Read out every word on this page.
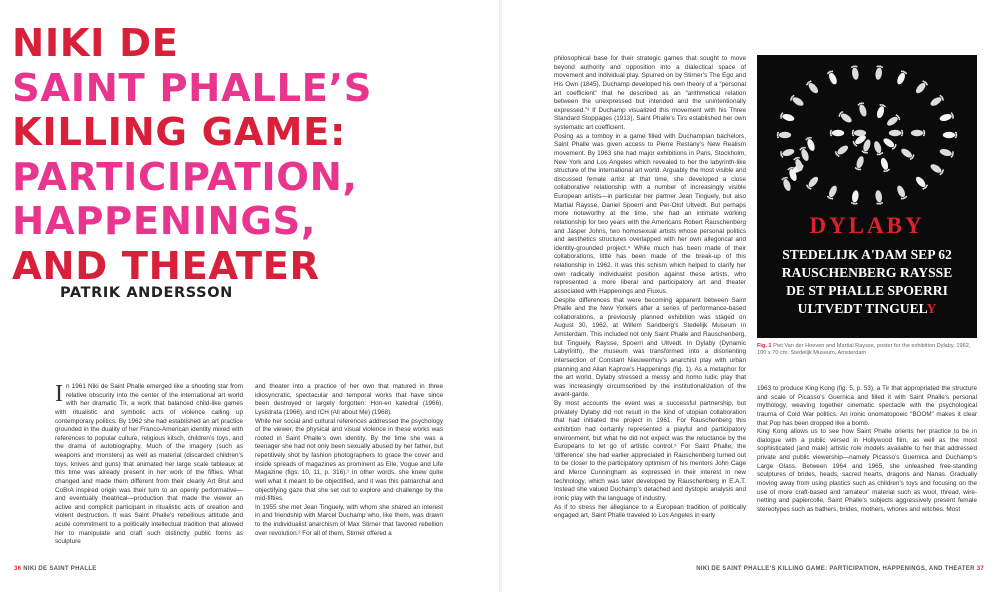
NIKI DE
SAINT PHALLE’S
KILLING GAME:
PARTICIPATION,
HAPPENINGS,
AND THEATER
PATRIK ANDERSSON

In 1961 Niki de Saint Phalle emerged like a shooting star from relative obscurity into the center of the international art world with her dramatic Tir, a work that balanced child-like games with ritualistic and symbolic acts of violence calling up contemporary politics. By 1962 she had established an art practice grounded in the duality of her Franco-American identity mixed with references to popular culture, religious kitsch, children’s toys, and the drama of autobiography. Much of the imagery (such as weapons and monsters) as well as material (discarded children’s toys, knives and guns) that animated her large scale tableaux at this time was already present in her work of the fifties. What changed and made them different from their clearly Art Brut and CoBrA inspired origin was their turn to an openly performative—and eventually theatrical—production that made the viewer an active and complicit participant in ritualistic acts of creation and violent destruction. It was Saint Phalle’s rebellious attitude and acute commitment to a politically intellectual tradition that allowed her to manipulate and craft such distinctly public forms as sculpture

and theater into a practice of her own that matured in three idiosyncratic, spectacular and temporal works that have since been destroyed or largely forgotten: Hon-en katedral (1966), Lysistrata (1966), and ICH (All about Me) (1968).

While her social and cultural references addressed the psychology of the viewer, the physical and visual violence in these works was rooted in Saint Phalle’s own identity. By the time she was a teenager she had not only been sexually abused by her father, but repetitively shot by fashion photographers to grace the cover and inside spreads of magazines as prominent as Elle, Vogue and Life Magazine (figs. 10, 11, p. 316).¹ In other words, she knew quite well what it meant to be objectified, and it was this patriarchal and objectifying gaze that she set out to explore and challenge by the mid-fifties.

In 1955 she met Jean Tinguely, with whom she shared an interest in and friendship with Marcel Duchamp who, like them, was drawn to the individualist anarchism of Max Stirner that favored rebellion over revolution.² For all of them, Stirner offered a

philosophical base for their strategic games that sought to move beyond authority and opposition into a dialectical space of movement and individual play. Spurred on by Stirner’s The Ego and His Own (1845), Duchamp developed his own theory of a “personal art coefficient” that he described as an “arithmetical relation between the unexpressed but intended and the unintentionally expressed.”³ If Duchamp visualized this movement with his Three Standard Stoppages (1913), Saint Phalle’s Tirs established her own systematic art coefficient.

Posing as a tomboy in a game filled with Duchampian bachelors, Saint Phalle was given access to Pierre Restany’s New Realism movement. By 1963 she had major exhibitions in Paris, Stockholm, New York and Los Angeles which revealed to her the labyrinth-like structure of the international art world. Arguably the most visible and discussed female artist at that time, she developed a close collaborative relationship with a number of increasingly visible European artists—in particular her partner Jean Tinguely, but also Martial Raysse, Daniel Spoerri and Per-Olof Ultvedt. But perhaps more noteworthy at the time, she had an intimate working relationship for two years with the Americans Robert Rauschenberg and Jasper Johns, two homosexual artists whose personal politics and aesthetics structures overlapped with her own allegorical and identity-grounded project.⁴ While much has been made of their collaborations, little has been made of the break-up of this relationship in 1962. It was this schism which helped to clarify her own radically individualist position against these artists, who represented a more liberal and participatory art and theater associated with Happenings and Fluxus.

Despite differences that were becoming apparent between Saint Phalle and the New Yorkers after a series of performance-based collaborations, a previously planned exhibition was staged on August 30, 1962, at Willem Sandberg’s Stedelijk Museum in Amsterdam. This included not only Saint Phalle and Rauschenberg, but Tinguely, Raysse, Spoerri and Ultvedt. In Dylaby (Dynamic Labyrinth), the museum was transformed into a disorienting intersection of Constant Nieuwenhuy’s anarchist play with urban planning and Allan Kaprow’s Happenings (fig. 1). As a metaphor for the art world, Dylaby stressed a messy and homo ludic play that was increasingly circumscribed by the institutionalization of the avant-garde.

By most accounts the event was a successful partnership, but privately Dylaby did not result in the kind of utopian collaboration that had initiated the project in 1961. For Rauschenberg this exhibition had certainly represented a playful and participatory environment, but what he did not expect was the reluctance by the Europeans to let go of artistic control.⁵ For Saint Phalle, the ‘difference’ she had earlier appreciated in Rauschenberg turned out to be closer to the participatory optimism of his mentors John Cage and Merce Cunningham as expressed in their interest in new technology, which was later developed by Rauschenberg in E.A.T. Instead she valued Duchamp’s detached and dystopic analysis and ironic play with the language of industry.

As if to stress her allegiance to a European tradition of politically engaged art, Saint Phalle traveled to Los Angeles in early

1963 to produce King Kong (fig. 5, p. 53), a Tir that appropriated the structure and scale of Picasso’s Guernica and filled it with Saint Phalle’s personal mythology, weaving together cinematic spectacle with the psychological trauma of Cold War politics. An ironic onomatopoeic “BOOM” makes it clear that Pop has been dropped like a bomb.

King Kong allows us to see how Saint Phalle orients her practice to be in dialogue with a public versed in Hollywood film, as well as the most sophisticated (and male) artistic role models available to her that addressed private and public viewership—namely Picasso’s Guernica and Duchamp’s Large Glass. Between 1964 and 1965, she unleashed free-standing sculptures of brides, heads, sacred hearts, dragons and Nanas. Gradually moving away from using plastics such as children’s toys and focusing on the use of more craft-based and ‘amateur’ material such as wool, thread, wire-netting and papiercolle, Saint Phalle’s subjects aggressively present female stereotypes such as bathers, brides, mothers, whores and witches. Most

DYLABY
STEDELIJK A'DAM SEP 62
RAUSCHENBERG RAYSSE
DE ST PHALLE SPOERRI
ULTVEDT TINGUELY
Fig. 1 Piet Van der Hoeven and Martial Raysse, poster for the exhibition Dylaby, 1962, 100 x 70 cm. Stedelijk Museum, Amsterdam
36 NIKI DE SAINT PHALLE	NIKI DE SAINT PHALLE’S KILLING GAME: PARTICIPATION, HAPPENINGS, AND THEATER 37
